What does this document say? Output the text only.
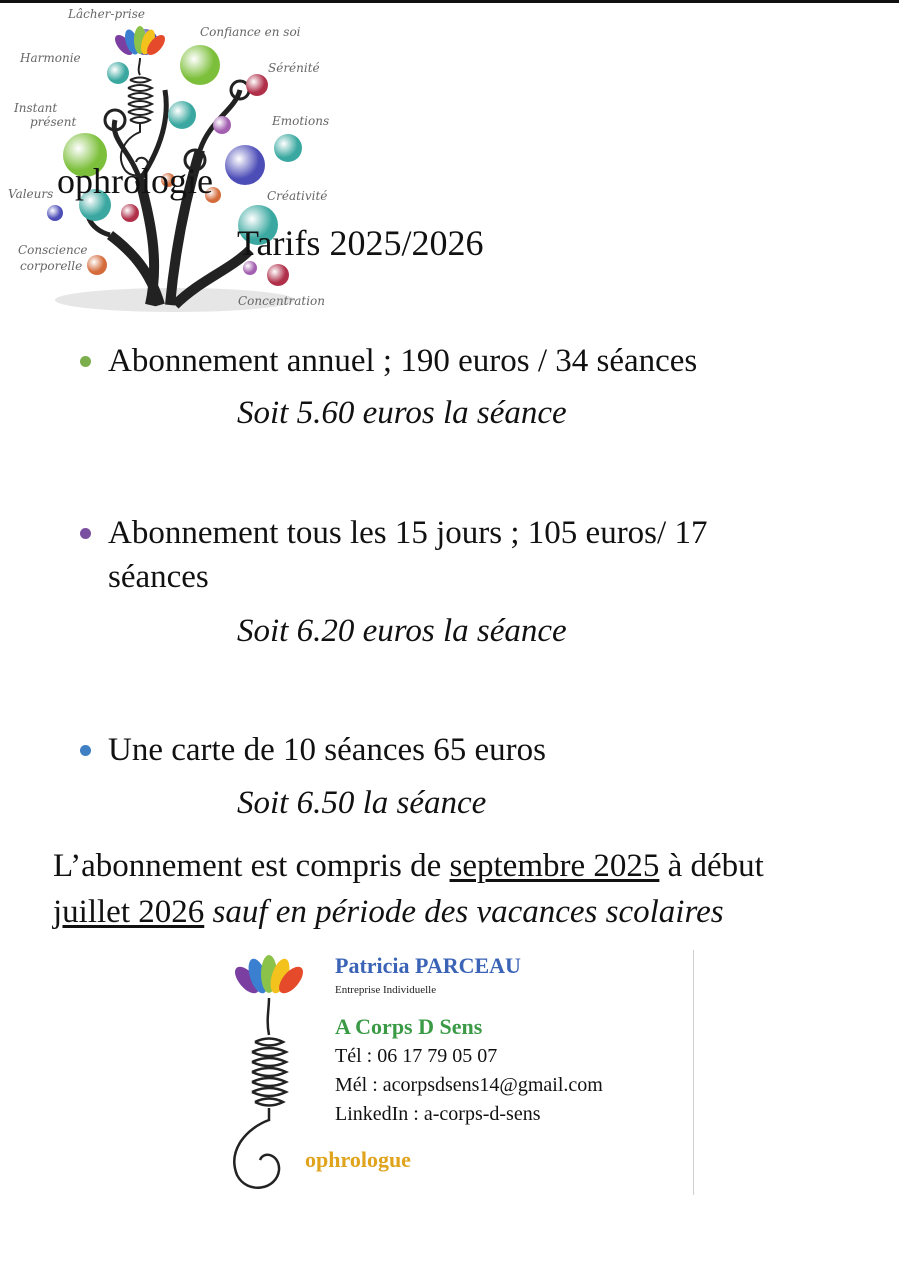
ophrologie
Tarifs 2025/2026
Lâcher-prise
Confiance en soi
Harmonie
Sérénité
Instant
présent	Emotions
Valeurs	Créativité
Conscience
corporelle
Concentration
Abonnement annuel ; 190 euros / 34 séances
Soit 5.60 euros la séance
Abonnement tous les 15 jours ; 105 euros/ 17
séances
Soit 6.20 euros la séance
Une carte de 10 séances 65 euros
Soit 6.50 la séance
L’abonnement est compris de septembre 2025 à début
juillet 2026 sauf en période des vacances scolaires
Patricia PARCEAU
Entreprise Individuelle
A Corps D Sens
Tél : 06 17 79 05 07
Mél : acorpsdsens14@gmail.com
LinkedIn : a-corps-d-sens
ophrologue
